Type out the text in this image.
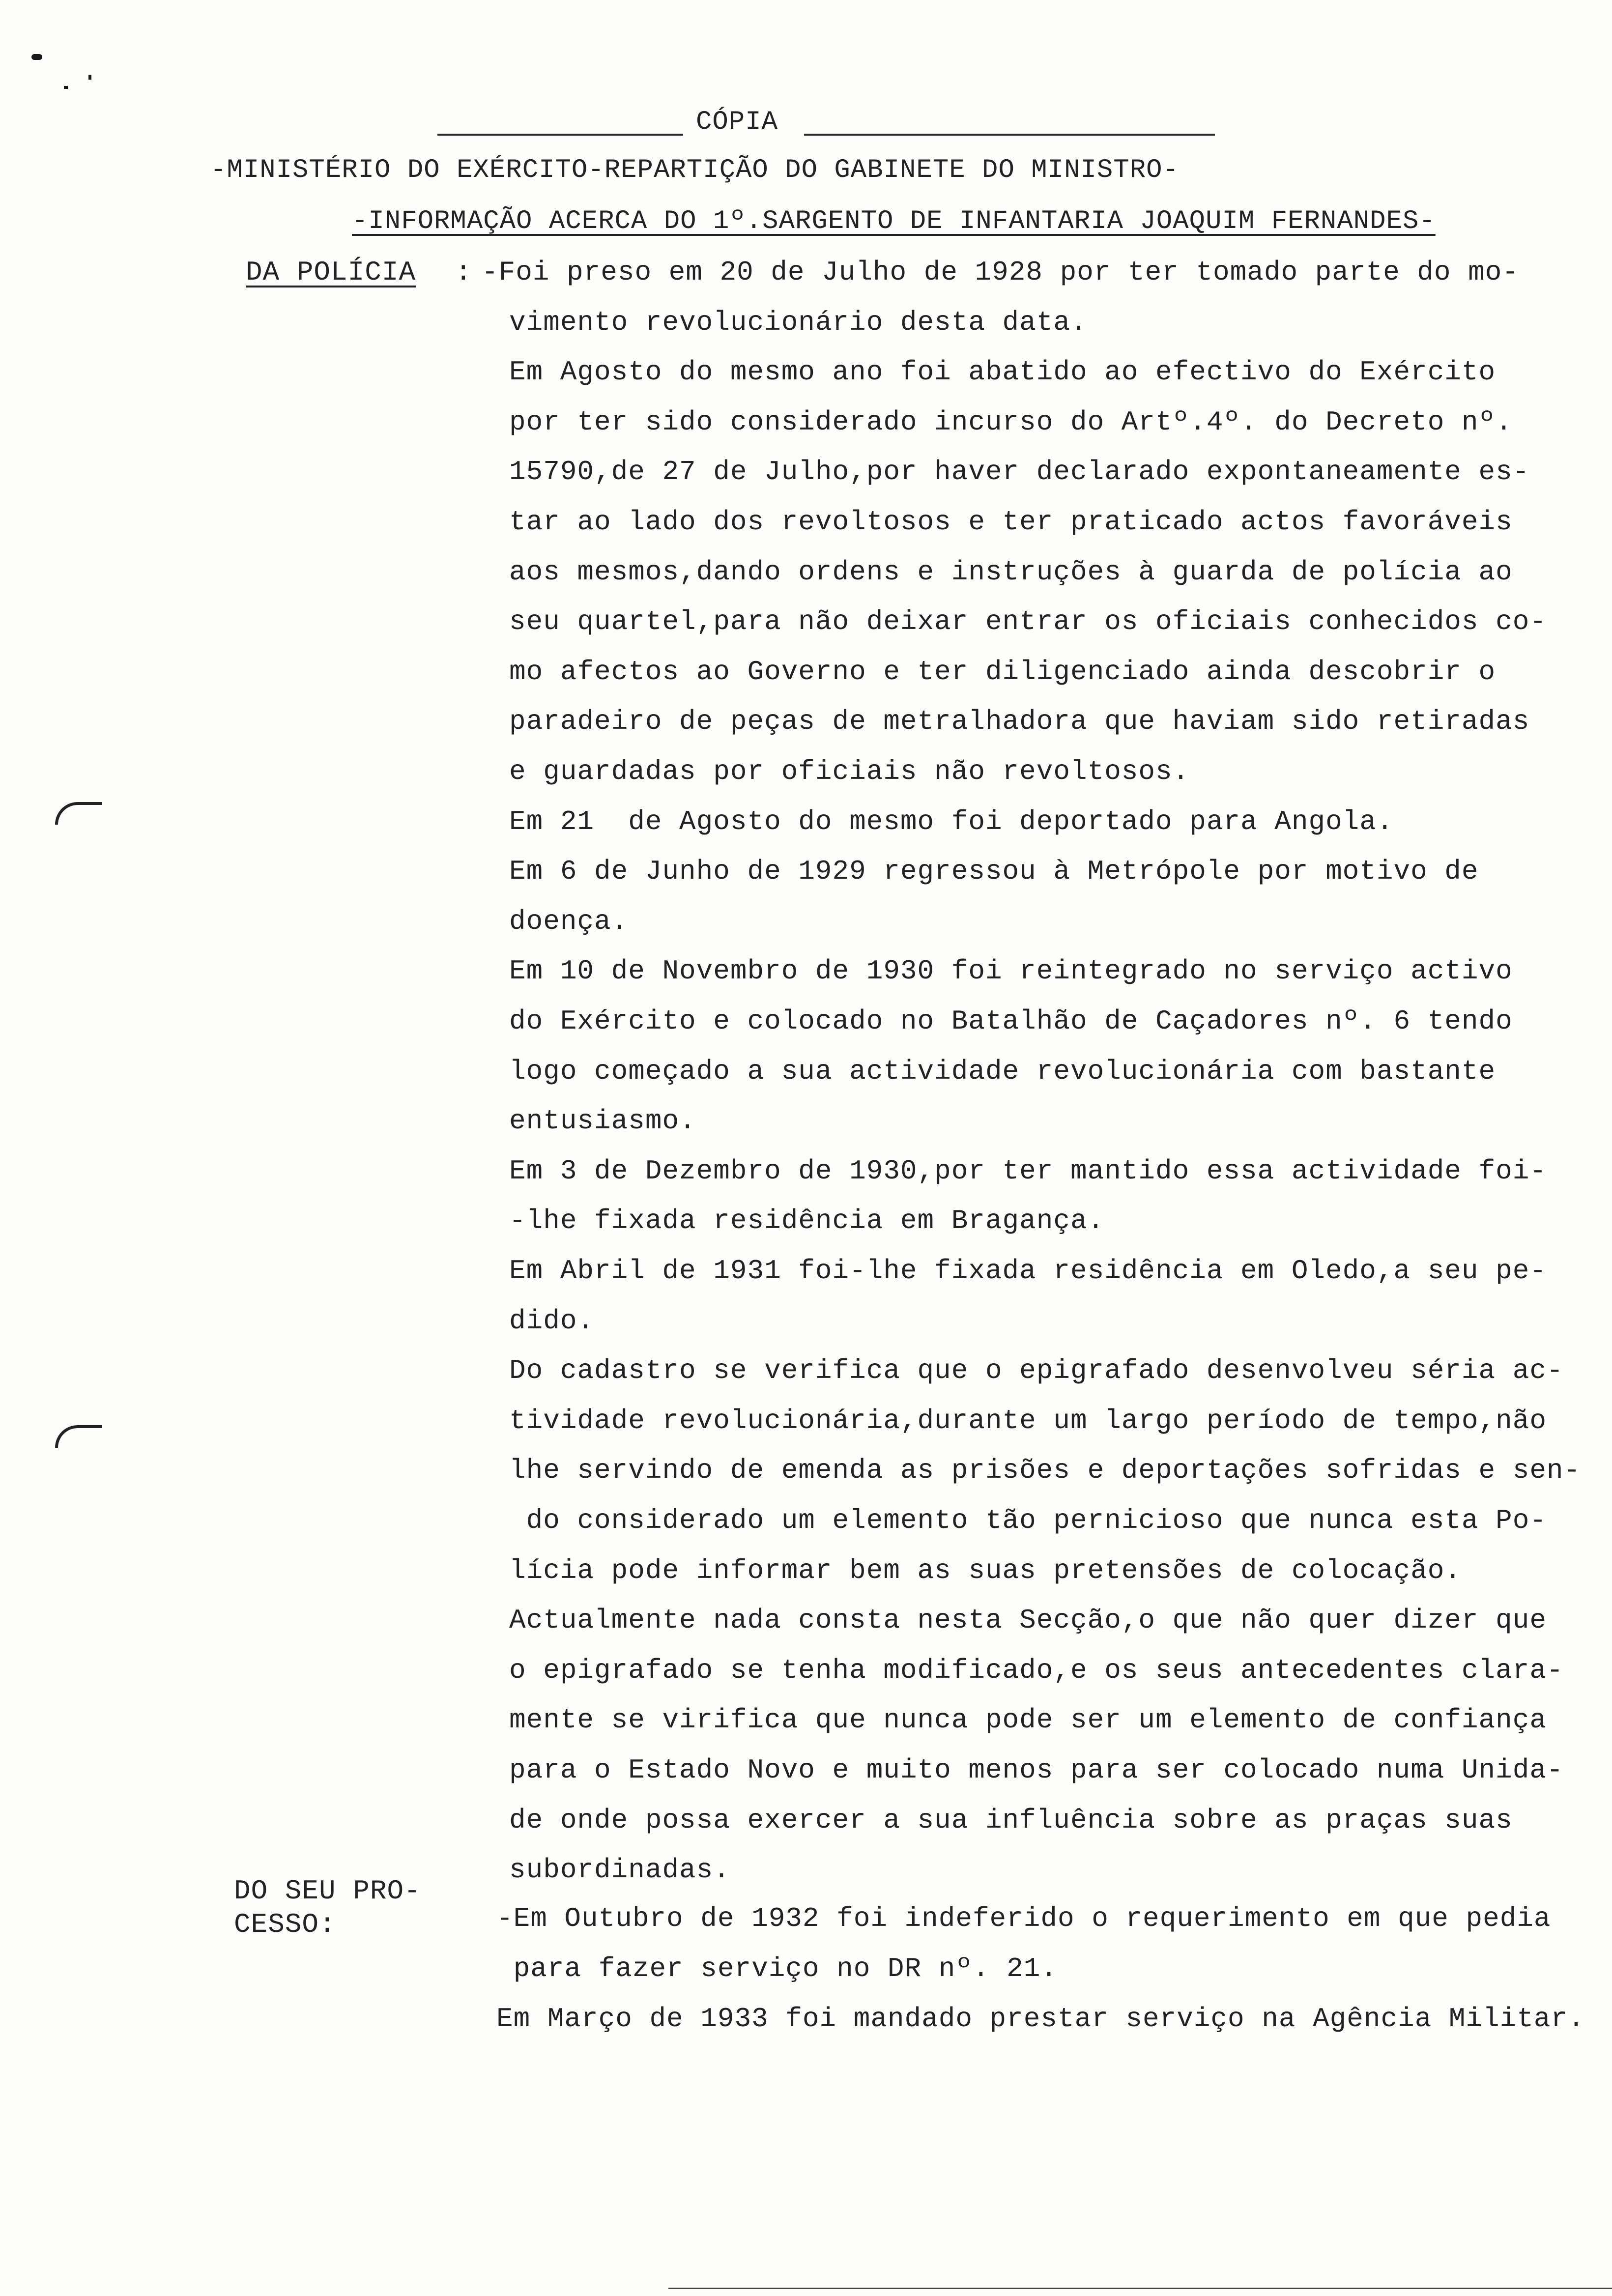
CÓPIA
-MINISTÉRIO DO EXÉRCITO-REPARTIÇÃO DO GABINETE DO MINISTRO-
-INFORMAÇÃO ACERCA DO 1º.SARGENTO DE INFANTARIA JOAQUIM FERNANDES-
DA POLÍCIA : -Foi preso em 20 de Julho de 1928 por ter tomado parte do mo-
vimento revolucionário desta data.
Em Agosto do mesmo ano foi abatido ao efectivo do Exército
por ter sido considerado incurso do Artº.4º. do Decreto nº.
15790,de 27 de Julho,por haver declarado expontaneamente es-
tar ao lado dos revoltosos e ter praticado actos favoráveis
aos mesmos,dando ordens e instruções à guarda de polícia ao
seu quartel,para não deixar entrar os oficiais conhecidos co-
mo afectos ao Governo e ter diligenciado ainda descobrir o
paradeiro de peças de metralhadora que haviam sido retiradas
e guardadas por oficiais não revoltosos.
Em 21  de Agosto do mesmo foi deportado para Angola.
Em 6 de Junho de 1929 regressou à Metrópole por motivo de
doença.
Em 10 de Novembro de 1930 foi reintegrado no serviço activo
do Exército e colocado no Batalhão de Caçadores nº. 6 tendo
logo começado a sua actividade revolucionária com bastante
entusiasmo.
Em 3 de Dezembro de 1930,por ter mantido essa actividade foi-
-lhe fixada residência em Bragança.
Em Abril de 1931 foi-lhe fixada residência em Oledo,a seu pe-
dido.
Do cadastro se verifica que o epigrafado desenvolveu séria ac-
tividade revolucionária,durante um largo período de tempo,não
lhe servindo de emenda as prisões e deportações sofridas e sen-
do considerado um elemento tão pernicioso que nunca esta Po-
lícia pode informar bem as suas pretensões de colocação.
Actualmente nada consta nesta Secção,o que não quer dizer que
o epigrafado se tenha modificado,e os seus antecedentes clara-
mente se virifica que nunca pode ser um elemento de confiança
para o Estado Novo e muito menos para ser colocado numa Unida-
de onde possa exercer a sua influência sobre as praças suas
subordinadas.
DO SEU PRO-
CESSO:	-Em Outubro de 1932 foi indeferido o requerimento em que pedia
para fazer serviço no DR nº. 21.
Em Março de 1933 foi mandado prestar serviço na Agência Militar.
